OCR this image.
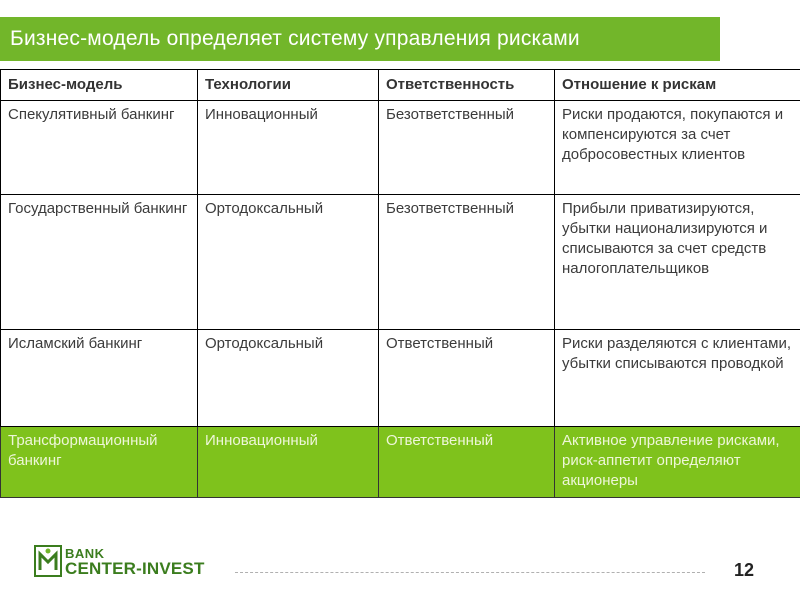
Бизнес-модель определяет систему управления рисками
Бизнес-модель	Технологии	Ответственность	Отношение к рискам
Спекулятивный банкинг	Инновационный	Безответственный	Риски продаются, покупаются и компенсируются за счет добросовестных клиентов
Государственный банкинг	Ортодоксальный	Безответственный	Прибыли приватизируются, убытки национализируются и списываются за счет средств налогоплательщиков
Исламский банкинг	Ортодоксальный	Ответственный	Риски разделяются с клиентами, убытки списываются проводкой

Трансформационный банкинг	Инновационный	Ответственный	Активное управление рисками, риск-аппетит определяют акционеры
BANK
CENTER-INVEST	12
